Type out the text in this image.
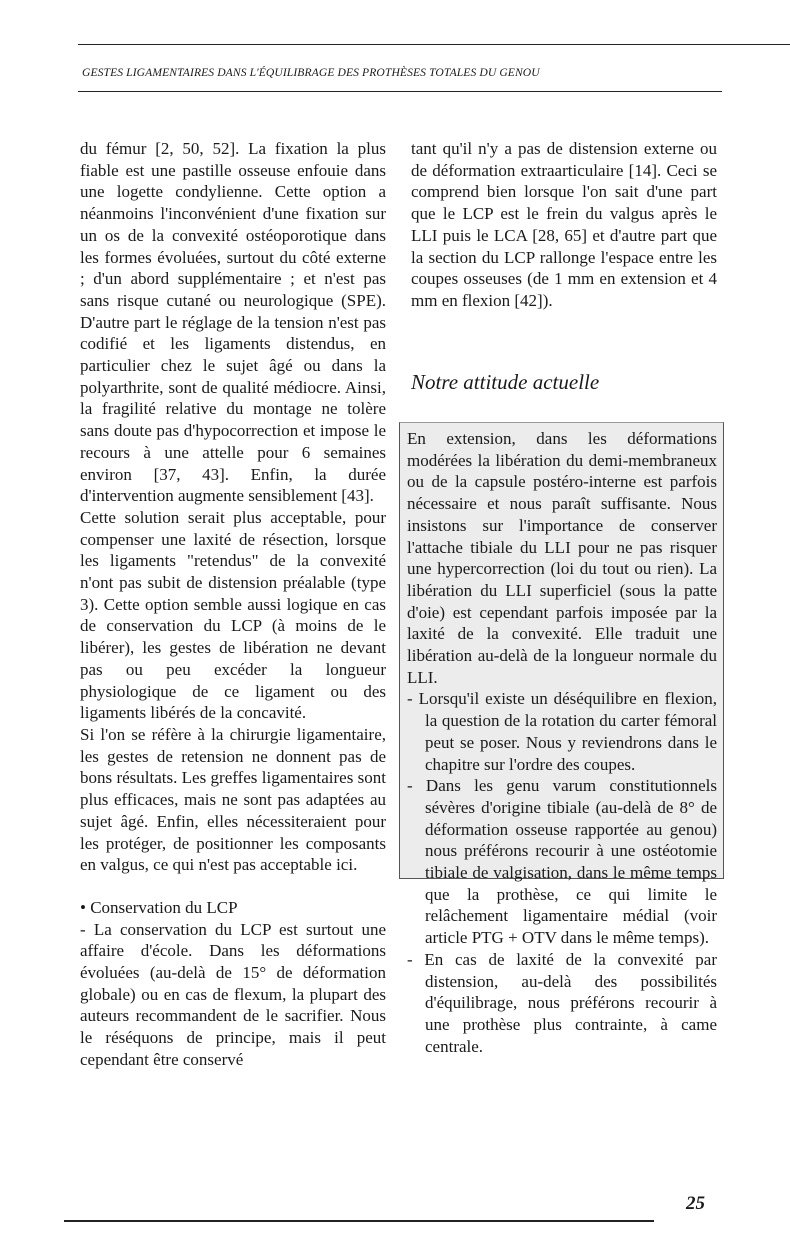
GESTES LIGAMENTAIRES DANS L'ÉQUILIBRAGE DES PROTHÈSES TOTALES DU GENOU

du fémur [2, 50, 52]. La fixation la plus fiable est une pastille osseuse enfouie dans une logette condylienne. Cette option a néanmoins l'inconvénient d'une fixation sur un os de la convexité ostéoporotique dans les formes évoluées, surtout du côté externe ; d'un abord supplémentaire ; et n'est pas sans risque cutané ou neurologique (SPE). D'autre part le réglage de la tension n'est pas codifié et les ligaments distendus, en particulier chez le sujet âgé ou dans la polyarthrite, sont de qualité médiocre. Ainsi, la fragilité relative du montage ne tolère sans doute pas d'hypocorrection et impose le recours à une attelle pour 6 semaines environ [37, 43]. Enfin, la durée d'intervention augmente sensiblement [43].

Cette solution serait plus acceptable, pour compenser une laxité de résection, lorsque les ligaments "retendus" de la convexité n'ont pas subit de distension préalable (type 3). Cette option semble aussi logique en cas de conservation du LCP (à moins de le libérer), les gestes de libération ne devant pas ou peu excéder la longueur physiologique de ce ligament ou des ligaments libérés de la concavité.

Si l'on se réfère à la chirurgie ligamentaire, les gestes de retension ne donnent pas de bons résultats. Les greffes ligamentaires sont plus efficaces, mais ne sont pas adaptées au sujet âgé. Enfin, elles nécessiteraient pour les protéger, de positionner les composants en valgus, ce qui n'est pas acceptable ici.

• Conservation du LCP

- La conservation du LCP est surtout une affaire d'école. Dans les déformations évoluées (au-delà de 15° de déformation globale) ou en cas de flexum, la plupart des auteurs recommandent de le sacrifier. Nous le réséquons de principe, mais il peut cependant être conservé

tant qu'il n'y a pas de distension externe ou de déformation extraarticulaire [14]. Ceci se comprend bien lorsque l'on sait d'une part que le LCP est le frein du valgus après le LLI puis le LCA [28, 65] et d'autre part que la section du LCP rallonge l'espace entre les coupes osseuses (de 1 mm en extension et 4 mm en flexion [42]).

Notre attitude actuelle

En extension, dans les déformations modérées la libération du demi-membraneux ou de la capsule postéro-interne est parfois nécessaire et nous paraît suffisante. Nous insistons sur l'importance de conserver l'attache tibiale du LLI pour ne pas risquer une hypercorrection (loi du tout ou rien). La libération du LLI superficiel (sous la patte d'oie) est cependant parfois imposée par la laxité de la convexité. Elle traduit une libération au-delà de la longueur normale du LLI.

- Lorsqu'il existe un déséquilibre en flexion, la question de la rotation du carter fémoral peut se poser. Nous y reviendrons dans le chapitre sur l'ordre des coupes.

- Dans les genu varum constitutionnels sévères d'origine tibiale (au-delà de 8° de déformation osseuse rapportée au genou) nous préférons recourir à une ostéotomie tibiale de valgisation, dans le même temps que la prothèse, ce qui limite le relâchement ligamentaire médial (voir article PTG + OTV dans le même temps).

- En cas de laxité de la convexité par distension, au-delà des possibilités d'équilibrage, nous préférons recourir à une prothèse plus contrainte, à came centrale.

25
